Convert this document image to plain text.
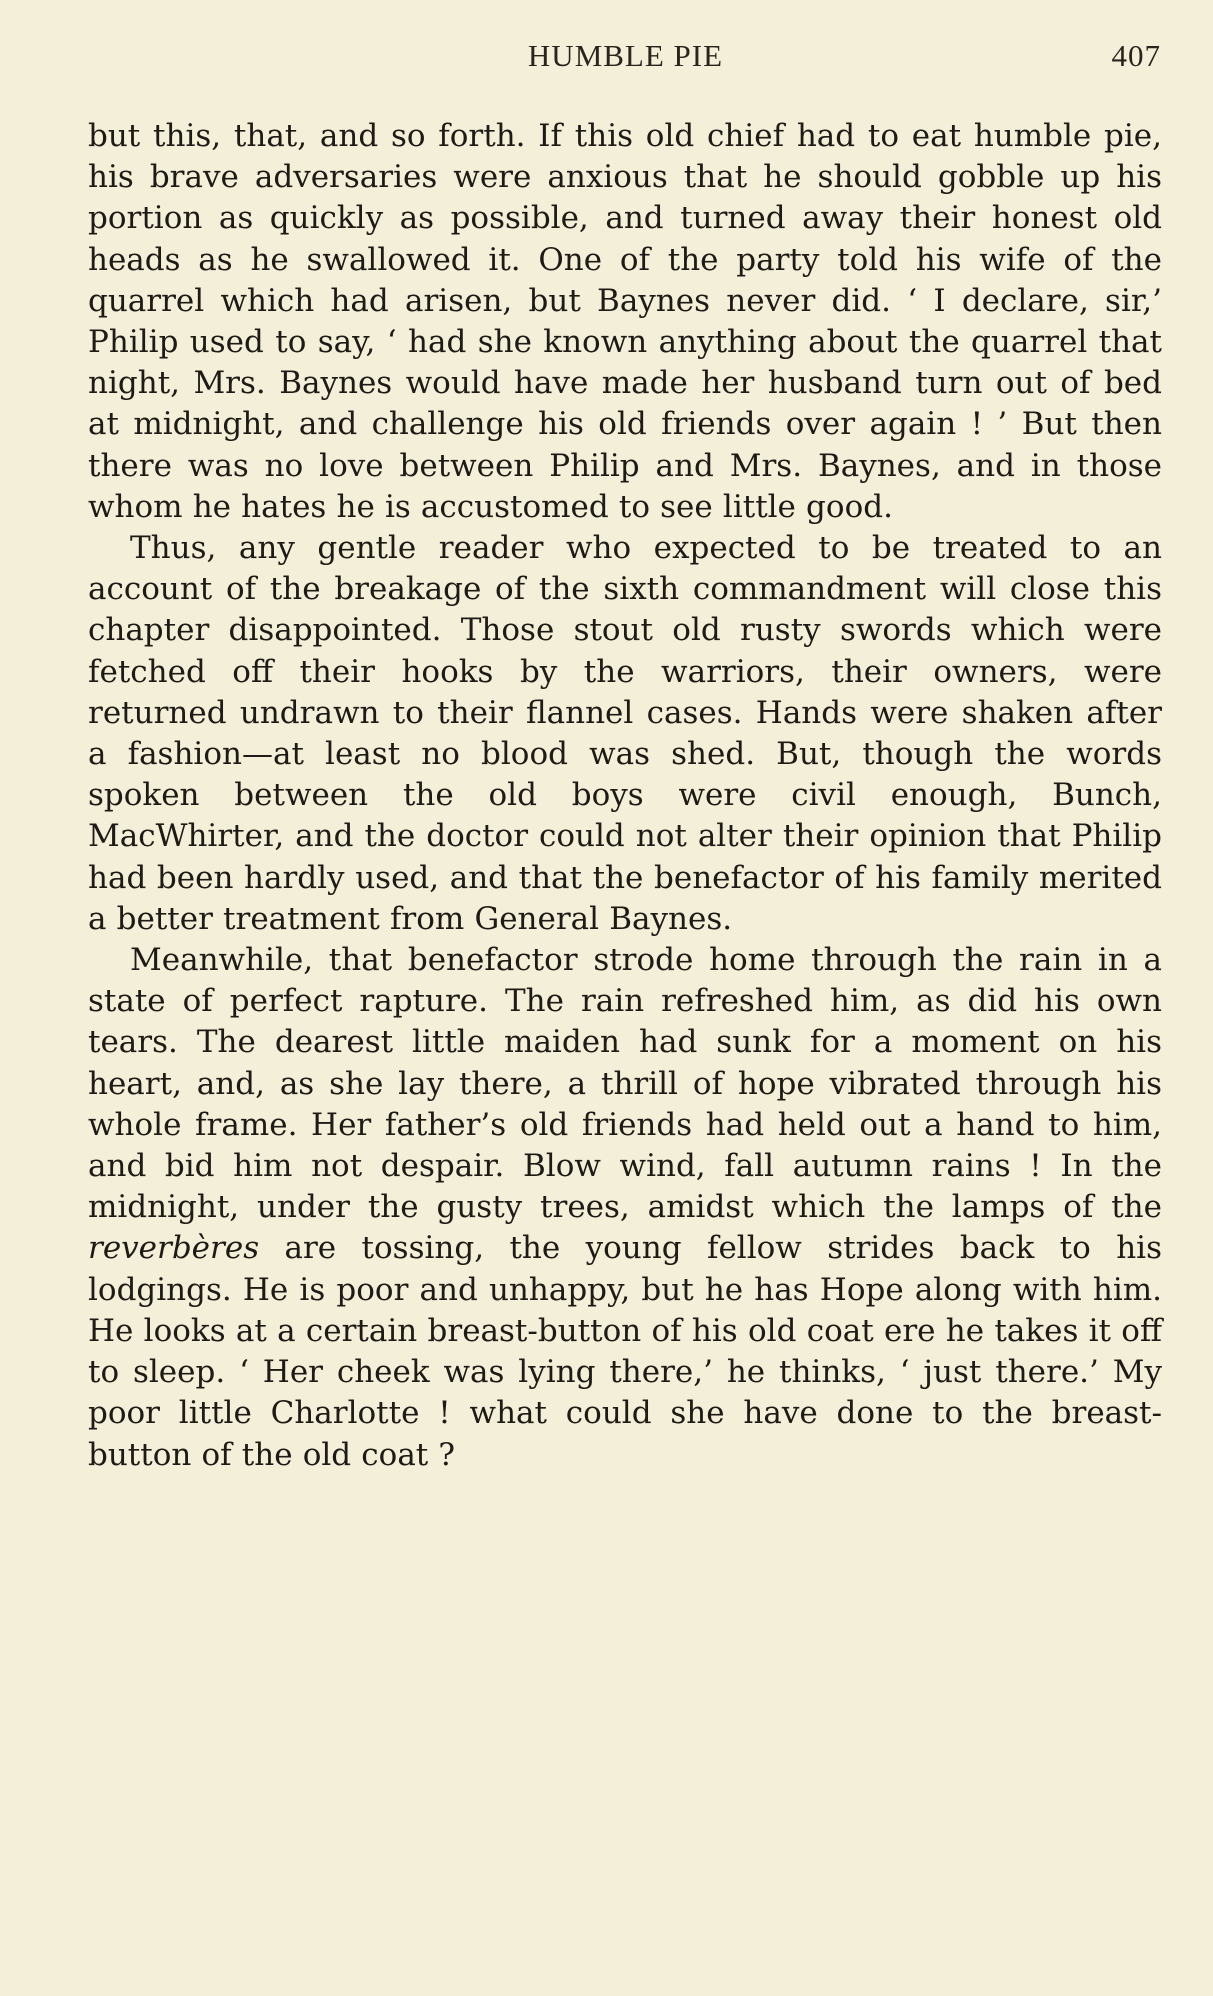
HUMBLE PIE	407

but this, that, and so forth. If this old chief had to eat humble pie, his brave adversaries were anxious that he should gobble up his portion as quickly as possible, and turned away their honest old heads as he swallowed it. One of the party told his wife of the quarrel which had arisen, but Baynes never did. ‘ I declare, sir,’ Philip used to say, ‘ had she known anything about the quarrel that night, Mrs. Baynes would have made her husband turn out of bed at midnight, and challenge his old friends over again ! ’ But then there was no love between Philip and Mrs. Baynes, and in those whom he hates he is accustomed to see little good.

Thus, any gentle reader who expected to be treated to an account of the breakage of the sixth commandment will close this chapter disappointed. Those stout old rusty swords which were fetched off their hooks by the warriors, their owners, were returned undrawn to their flannel cases. Hands were shaken after a fashion—at least no blood was shed. But, though the words spoken between the old boys were civil enough, Bunch, MacWhirter, and the doctor could not alter their opinion that Philip had been hardly used, and that the benefactor of his family merited a better treatment from General Baynes.

Meanwhile, that benefactor strode home through the rain in a state of perfect rapture. The rain refreshed him, as did his own tears. The dearest little maiden had sunk for a moment on his heart, and, as she lay there, a thrill of hope vibrated through his whole frame. Her father’s old friends had held out a hand to him, and bid him not despair. Blow wind, fall autumn rains ! In the midnight, under the gusty trees, amidst which the lamps of the reverbères are tossing, the young fellow strides back to his lodgings. He is poor and unhappy, but he has Hope along with him. He looks at a certain breast-button of his old coat ere he takes it off to sleep. ‘ Her cheek was lying there,’ he thinks, ‘ just there.’ My poor little Charlotte ! what could she have done to the breast-button of the old coat ?
